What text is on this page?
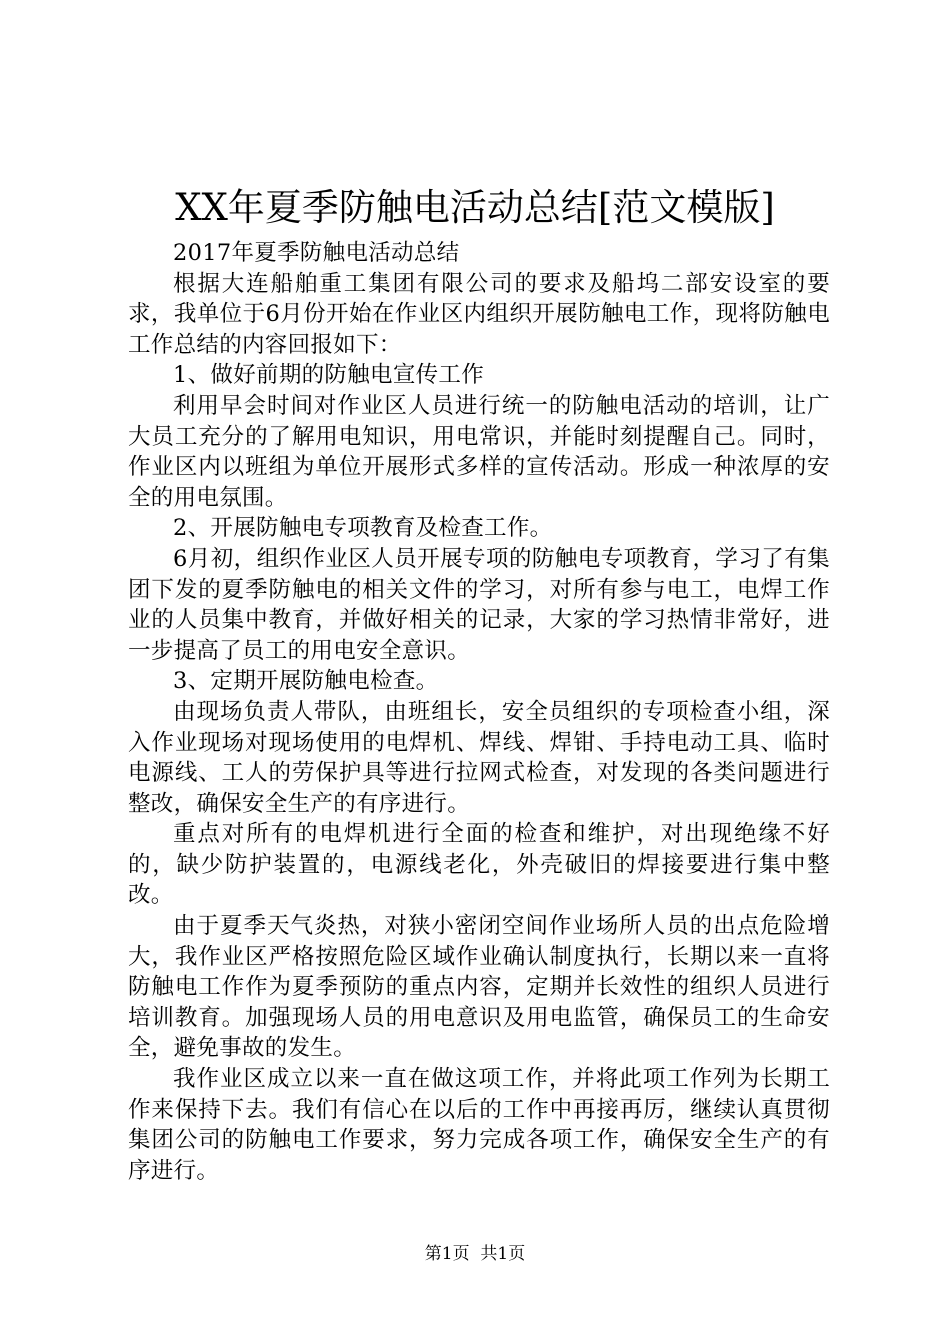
XX年夏季防触电活动总结[范文模版]

2017年夏季防触电活动总结

根据大连船舶重工集团有限公司的要求及船坞二部安设室的要求，我单位于6月份开始在作业区内组织开展防触电工作，现将防触电工作总结的内容回报如下：

1、做好前期的防触电宣传工作

利用早会时间对作业区人员进行统一的防触电活动的培训，让广大员工充分的了解用电知识，用电常识，并能时刻提醒自己。同时，作业区内以班组为单位开展形式多样的宣传活动。形成一种浓厚的安全的用电氛围。

2、开展防触电专项教育及检查工作。

6月初，组织作业区人员开展专项的防触电专项教育，学习了有集团下发的夏季防触电的相关文件的学习，对所有参与电工，电焊工作业的人员集中教育，并做好相关的记录，大家的学习热情非常好，进一步提高了员工的用电安全意识。

3、定期开展防触电检查。

由现场负责人带队，由班组长，安全员组织的专项检查小组，深入作业现场对现场使用的电焊机、焊线、焊钳、手持电动工具、临时电源线、工人的劳保护具等进行拉网式检查，对发现的各类问题进行整改，确保安全生产的有序进行。

重点对所有的电焊机进行全面的检查和维护，对出现绝缘不好的，缺少防护装置的，电源线老化，外壳破旧的焊接要进行集中整改。

由于夏季天气炎热，对狭小密闭空间作业场所人员的出点危险增大，我作业区严格按照危险区域作业确认制度执行，长期以来一直将防触电工作作为夏季预防的重点内容，定期并长效性的组织人员进行培训教育。加强现场人员的用电意识及用电监管，确保员工的生命安全，避免事故的发生。

我作业区成立以来一直在做这项工作，并将此项工作列为长期工作来保持下去。我们有信心在以后的工作中再接再厉，继续认真贯彻集团公司的防触电工作要求，努力完成各项工作，确保安全生产的有序进行。

第1页  共1页
